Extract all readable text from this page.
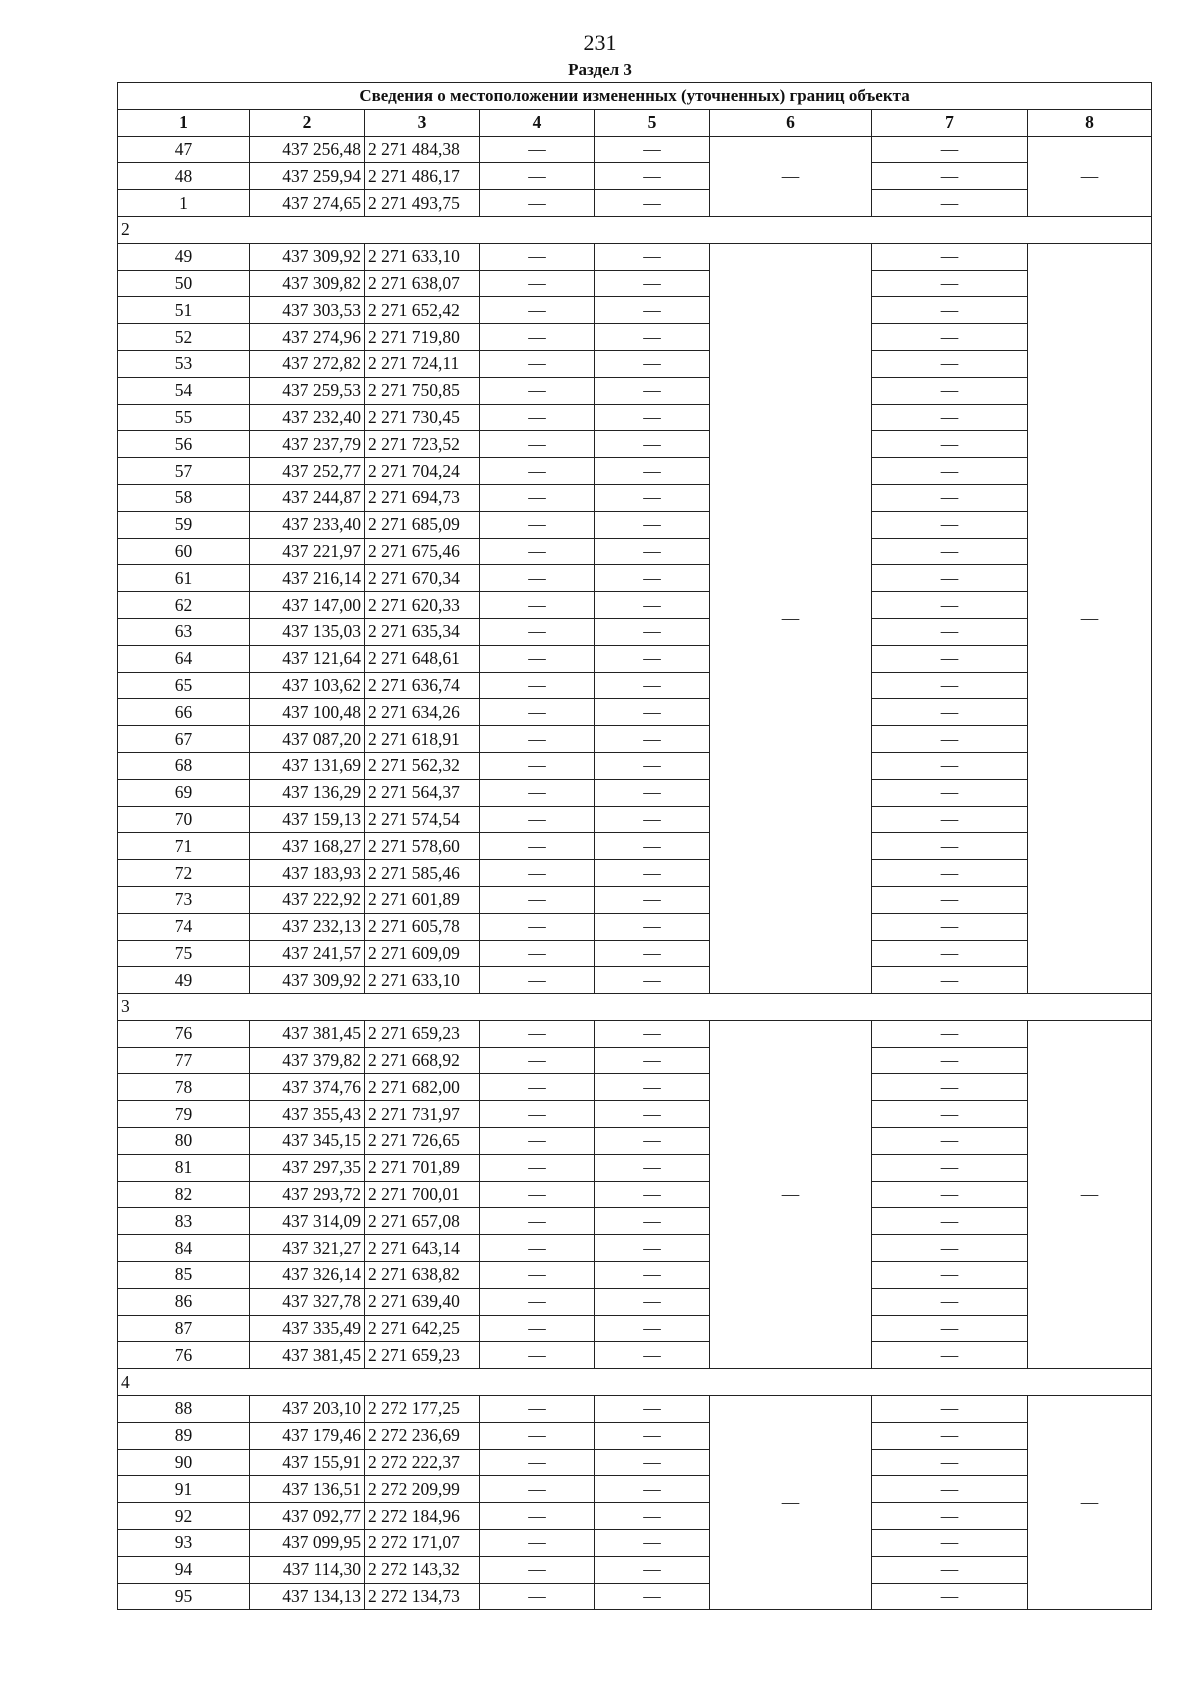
231
Раздел 3
Сведения о местоположении измененных (уточненных) границ объекта							
1	2	3	4	5	6	7	8
47	437 256,48	2 271 484,38	—	—	—	—	—
48	437 259,94	2 271 486,17	—	—		—	
1	437 274,65	2 271 493,75	—	—		—	
2							
49	437 309,92	2 271 633,10	—	—	—	—	—
50	437 309,82	2 271 638,07	—	—		—	
51	437 303,53	2 271 652,42	—	—		—	
52	437 274,96	2 271 719,80	—	—		—	
53	437 272,82	2 271 724,11	—	—		—	
54	437 259,53	2 271 750,85	—	—		—	
55	437 232,40	2 271 730,45	—	—		—	
56	437 237,79	2 271 723,52	—	—		—	
57	437 252,77	2 271 704,24	—	—		—	
58	437 244,87	2 271 694,73	—	—		—	
59	437 233,40	2 271 685,09	—	—		—	
60	437 221,97	2 271 675,46	—	—		—	
61	437 216,14	2 271 670,34	—	—		—	
62	437 147,00	2 271 620,33	—	—		—	
63	437 135,03	2 271 635,34	—	—		—	
64	437 121,64	2 271 648,61	—	—		—	
65	437 103,62	2 271 636,74	—	—		—	
66	437 100,48	2 271 634,26	—	—		—	
67	437 087,20	2 271 618,91	—	—		—	
68	437 131,69	2 271 562,32	—	—		—	
69	437 136,29	2 271 564,37	—	—		—	
70	437 159,13	2 271 574,54	—	—		—	
71	437 168,27	2 271 578,60	—	—		—	
72	437 183,93	2 271 585,46	—	—		—	
73	437 222,92	2 271 601,89	—	—		—	
74	437 232,13	2 271 605,78	—	—		—	
75	437 241,57	2 271 609,09	—	—		—	
49	437 309,92	2 271 633,10	—	—		—	
3							
76	437 381,45	2 271 659,23	—	—	—	—	—
77	437 379,82	2 271 668,92	—	—		—	
78	437 374,76	2 271 682,00	—	—		—	
79	437 355,43	2 271 731,97	—	—		—	
80	437 345,15	2 271 726,65	—	—		—	
81	437 297,35	2 271 701,89	—	—		—	
82	437 293,72	2 271 700,01	—	—		—	
83	437 314,09	2 271 657,08	—	—		—	
84	437 321,27	2 271 643,14	—	—		—	
85	437 326,14	2 271 638,82	—	—		—	
86	437 327,78	2 271 639,40	—	—		—	
87	437 335,49	2 271 642,25	—	—		—	
76	437 381,45	2 271 659,23	—	—		—	
4							
88	437 203,10	2 272 177,25	—	—	—	—	—
89	437 179,46	2 272 236,69	—	—		—	
90	437 155,91	2 272 222,37	—	—		—	
91	437 136,51	2 272 209,99	—	—		—	
92	437 092,77	2 272 184,96	—	—		—	
93	437 099,95	2 272 171,07	—	—		—	
94	437 114,30	2 272 143,32	—	—		—	
95	437 134,13	2 272 134,73	—	—		—	
